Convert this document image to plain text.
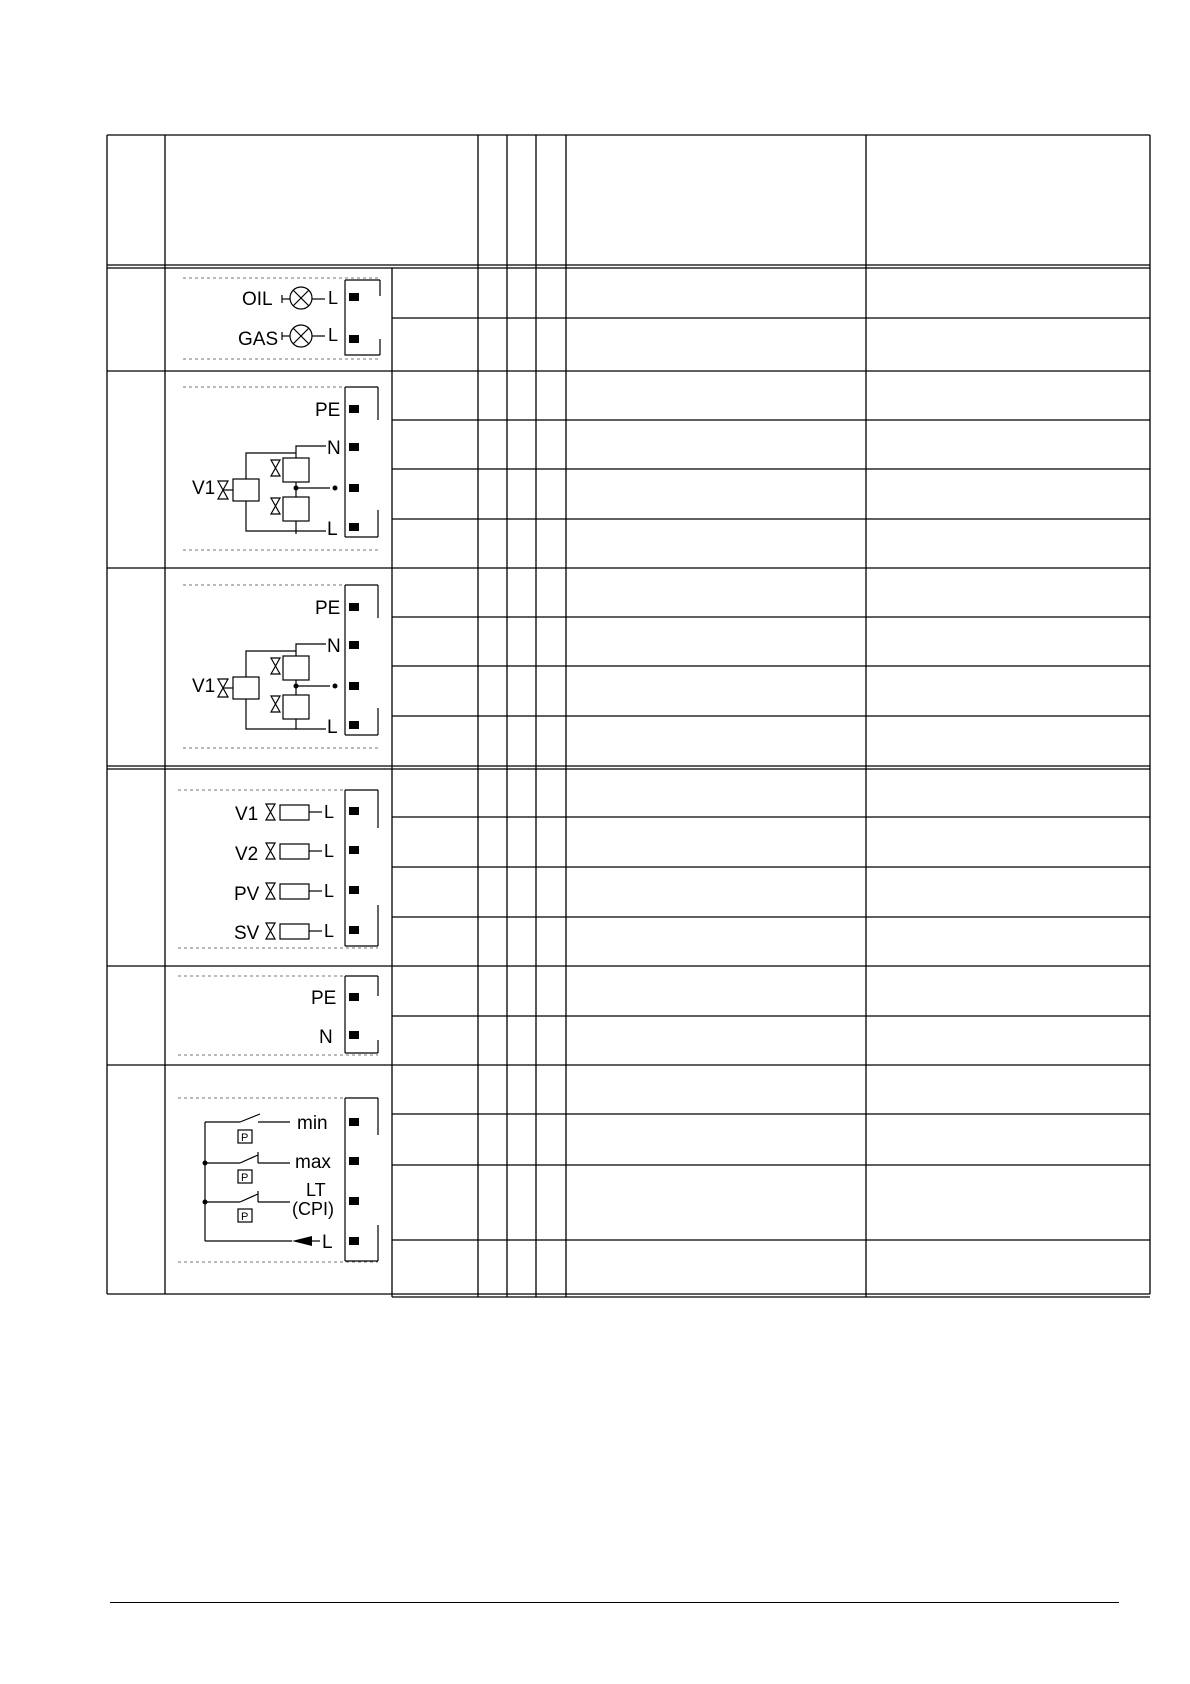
OIL	L
GAS	L
PE
N
L
V1
PE
N
L
V1
V1	L
V2	L
PV	L
SV	L
PE
N
min
max
LT
(CPI)
L
P
P
P
